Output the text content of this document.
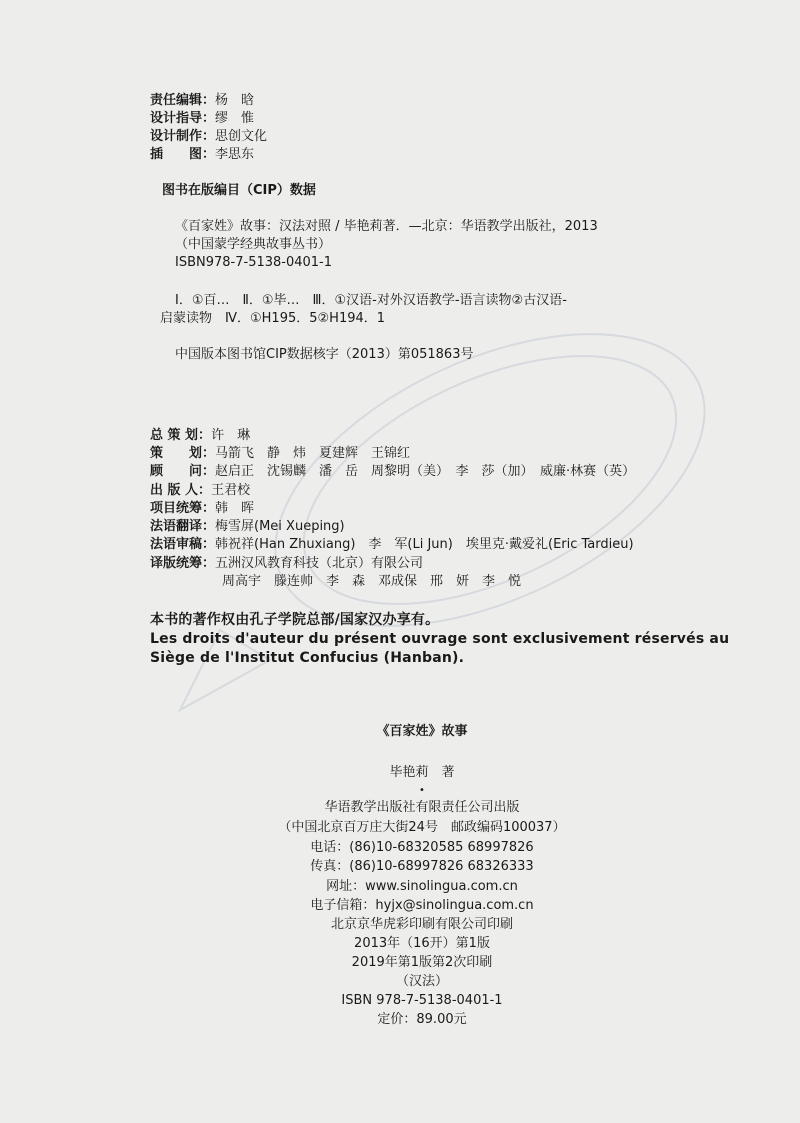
责任编辑：杨　晗
设计指导：缪　惟
设计制作：思创文化
插　　图：李思东
图书在版编目（CIP）数据
《百家姓》故事：汉法对照 / 毕艳莉著．—北京：华语教学出版社，2013
（中国蒙学经典故事丛书）
ISBN978-7-5138-0401-1
Ⅰ．①百…　Ⅱ．①毕…　Ⅲ．①汉语-对外汉语教学-语言读物②古汉语-
启蒙读物　Ⅳ．①H195．5②H194．1
中国版本图书馆CIP数据核字（2013）第051863号
总 策 划：许　琳
策　　划：马箭飞　静　炜　夏建辉　王锦红
顾　　问：赵启正　沈锡麟　潘　岳　周黎明（美）　李　莎（加）　威廉·林赛（英）
出 版 人：王君校
项目统筹：韩　晖
法语翻译：梅雪屏(Mei Xueping)
法语审稿：韩祝祥(Han Zhuxiang)　李　军(Li Jun)　埃里克·戴爱礼(Eric Tardieu)
译版统筹：五洲汉风教育科技（北京）有限公司
周高宇　滕连帅　李　森　邓成保　邢　妍　李　悦
本书的著作权由孔子学院总部/国家汉办享有。
Les droits d'auteur du présent ouvrage sont exclusivement réservés au
Siège de l'Institut Confucius (Hanban).
《百家姓》故事
毕艳莉　著
•
华语教学出版社有限责任公司出版
（中国北京百万庄大街24号　邮政编码100037）
电话：(86)10-68320585 68997826
传真：(86)10-68997826 68326333
网址：www.sinolingua.com.cn
电子信箱：hyjx@sinolingua.com.cn
北京京华虎彩印刷有限公司印刷
2013年（16开）第1版
2019年第1版第2次印刷
（汉法）
ISBN 978-7-5138-0401-1
定价：89.00元
